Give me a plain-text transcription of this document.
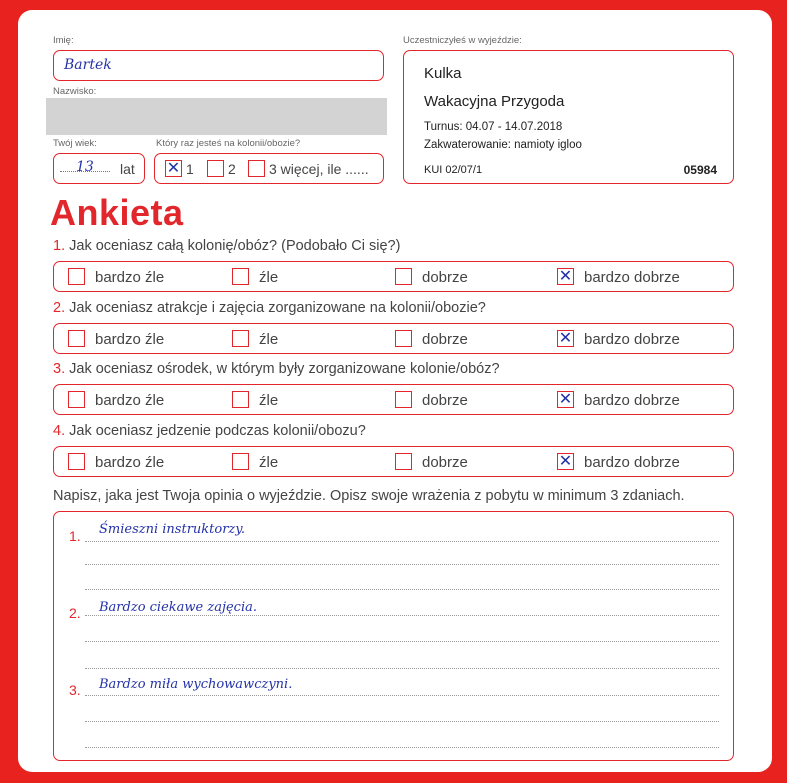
Imię:
Bartek
Nazwisko:
Twój wiek:
13 lat
Który raz jesteś na kolonii/obozie?
✕ 1 2 3 więcej, ile ......
Uczestniczyłeś w wyjeździe:
Kulka
Wakacyjna Przygoda
Turnus: 04.07 - 14.07.2018
Zakwaterowanie: namioty igloo
KUI 02/07/1	05984
Ankieta
1. Jak oceniasz całą kolonię/obóz? (Podobało Ci się?)
bardzo źle	źle	dobrze	✕ bardzo dobrze
2. Jak oceniasz atrakcje i zajęcia zorganizowane na kolonii/obozie?
bardzo źle	źle	dobrze	✕ bardzo dobrze
3. Jak oceniasz ośrodek, w którym były zorganizowane kolonie/obóz?
bardzo źle	źle	dobrze	✕ bardzo dobrze
4. Jak oceniasz jedzenie podczas kolonii/obozu?
bardzo źle	źle	dobrze	✕ bardzo dobrze
Napisz, jaka jest Twoja opinia o wyjeździe. Opisz swoje wrażenia z pobytu w minimum 3 zdaniach.
1. Śmieszni instruktorzy.
2. Bardzo ciekawe zajęcia.
3. Bardzo miła wychowawczyni.
